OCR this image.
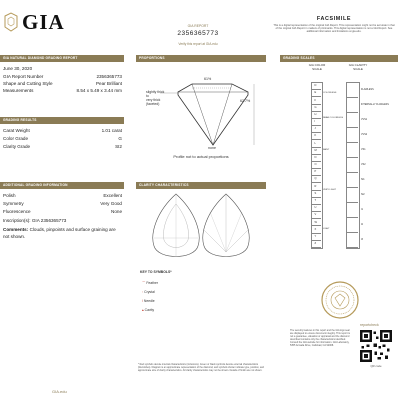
GIA
GIA NATURAL DIAMOND GRADING REPORT
June 30, 2020
GIA Report Number	2356365773
Shape and Cutting Style	Pear Brilliant
Measurements	8.54 x 5.49 x 3.44 mm
GRADING RESULTS
Carat Weight	1.01 carat
Color Grade	G
Clarity Grade	SI2
ADDITIONAL GRADING INFORMATION
Polish	Excellent
Symmetry	Very Good
Fluorescence	None
Inscription(s): GIA 2356365773
Comments: Clouds, pinpoints and surface graining are not shown.
GIA.edu
GIA REPORT
2356365773
Verify this report at GIA.edu
PROPORTIONS
61%
62.7%
slightly thick
to
very thick
(faceted)
none
Profile not to actual proportions
CLARITY CHARACTERISTICS
KEY TO SYMBOLS*
⌒ Feather
◦ Crystal
/ Needle
▴ Cavity
* Red symbols denote internal characteristics (inclusions). Green or black symbols denote external characteristics (blemishes). Diagram is an approximate representation of the diamond, and symbols shown indicate type, position, and approximate size of clarity characteristics. All clarity characteristics may not be shown. Details of finish are not shown.
FACSIMILE
This is a digital representation of the original GIA Report. This representation might not be accurate in that of the original GIA Report in matters of printmarks. This digital representation is not a GIA Report. See additional information and limitations at gia.edu.
GRADING SCALES
GIA COLOR SCALE
GIA CLARITY SCALE
D
E
F
G
H
I
J
K
L
M
N
O
P
Q
R
S
T
U
V
W
X
Y
Z
COLORLESS
NEAR COLORLESS
FAINT
VERY LIGHT
LIGHT
FLAWLESS
INTERNALLY FLAWLESS
VVS1
VVS2
VS1
VS2
SI1
SI2
I1
I2
I3
The security features in this report and the GIA logo seal are displayed to ensure document integrity. This report is not a guarantee, valuation or appraisal and the diamond described contains only the characteristics identified. Consult the GIA website for information. GIA Laboratory, 5355 Armada Drive, Carlsbad, CA 92008.
reportcheck
QR code
